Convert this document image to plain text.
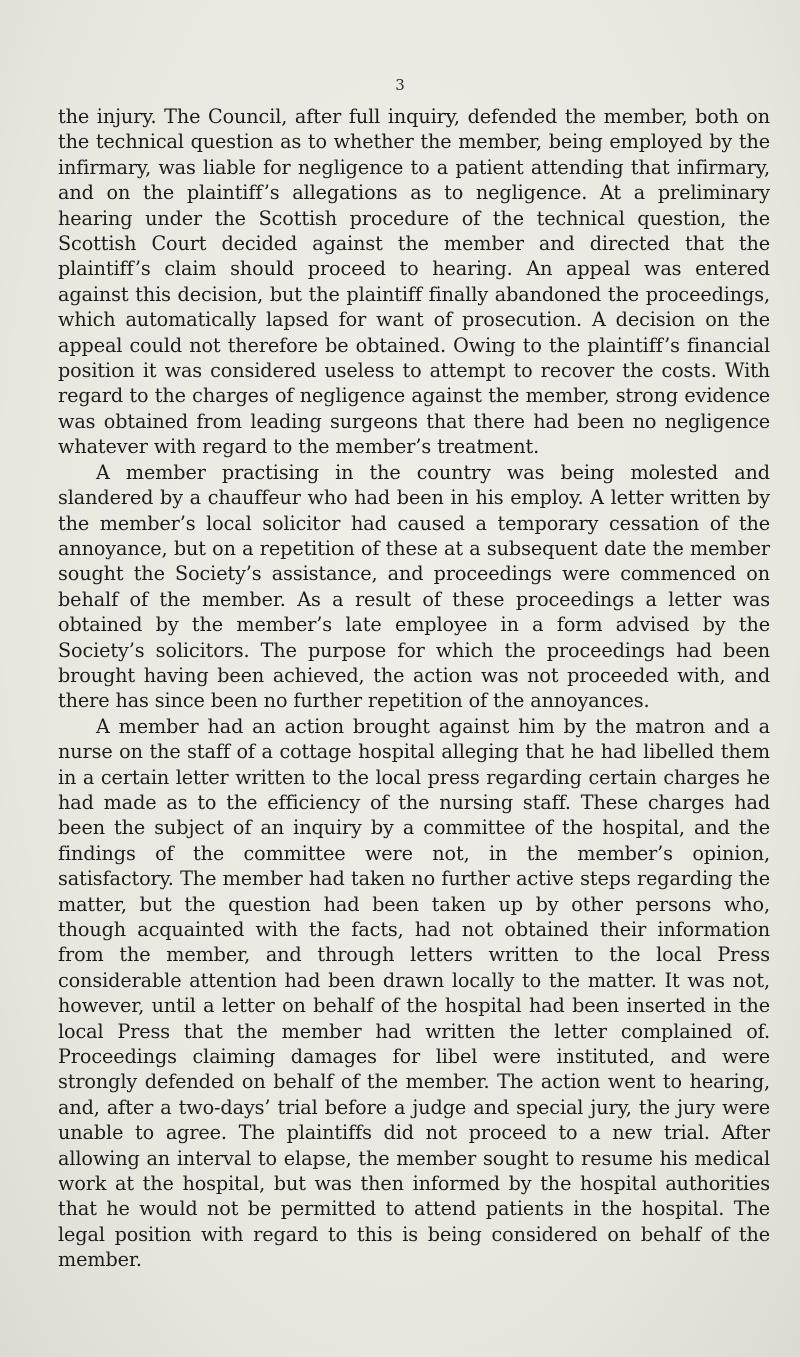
3

the injury. The Council, after full inquiry, defended the member, both on the technical question as to whether the member, being employed by the infirmary, was liable for negligence to a patient attending that infirmary, and on the plaintiff’s allegations as to negligence. At a preliminary hearing under the Scottish procedure of the technical question, the Scottish Court decided against the member and directed that the plaintiff’s claim should proceed to hearing. An appeal was entered against this decision, but the plaintiff finally abandoned the proceedings, which automatically lapsed for want of prosecution. A decision on the appeal could not therefore be obtained. Owing to the plaintiff’s financial position it was considered useless to attempt to recover the costs. With regard to the charges of negligence against the member, strong evidence was obtained from leading surgeons that there had been no negligence whatever with regard to the member’s treatment.

A member practising in the country was being molested and slandered by a chauffeur who had been in his employ. A letter written by the member’s local solicitor had caused a temporary cessation of the annoyance, but on a repetition of these at a subsequent date the member sought the Society’s assistance, and proceedings were commenced on behalf of the member. As a result of these proceedings a letter was obtained by the member’s late employee in a form advised by the Society’s solicitors. The purpose for which the proceedings had been brought having been achieved, the action was not proceeded with, and there has since been no further repetition of the annoyances.

A member had an action brought against him by the matron and a nurse on the staff of a cottage hospital alleging that he had libelled them in a certain letter written to the local press regarding certain charges he had made as to the efficiency of the nursing staff. These charges had been the subject of an inquiry by a committee of the hospital, and the findings of the committee were not, in the member’s opinion, satisfactory. The member had taken no further active steps regarding the matter, but the question had been taken up by other persons who, though acquainted with the facts, had not obtained their information from the member, and through letters written to the local Press considerable attention had been drawn locally to the matter. It was not, however, until a letter on behalf of the hospital had been inserted in the local Press that the member had written the letter complained of. Proceedings claiming damages for libel were instituted, and were strongly defended on behalf of the member. The action went to hearing, and, after a two-days’ trial before a judge and special jury, the jury were unable to agree. The plaintiffs did not proceed to a new trial. After allowing an interval to elapse, the member sought to resume his medical work at the hospital, but was then informed by the hospital authorities that he would not be permitted to attend patients in the hospital. The legal position with regard to this is being considered on behalf of the member.
